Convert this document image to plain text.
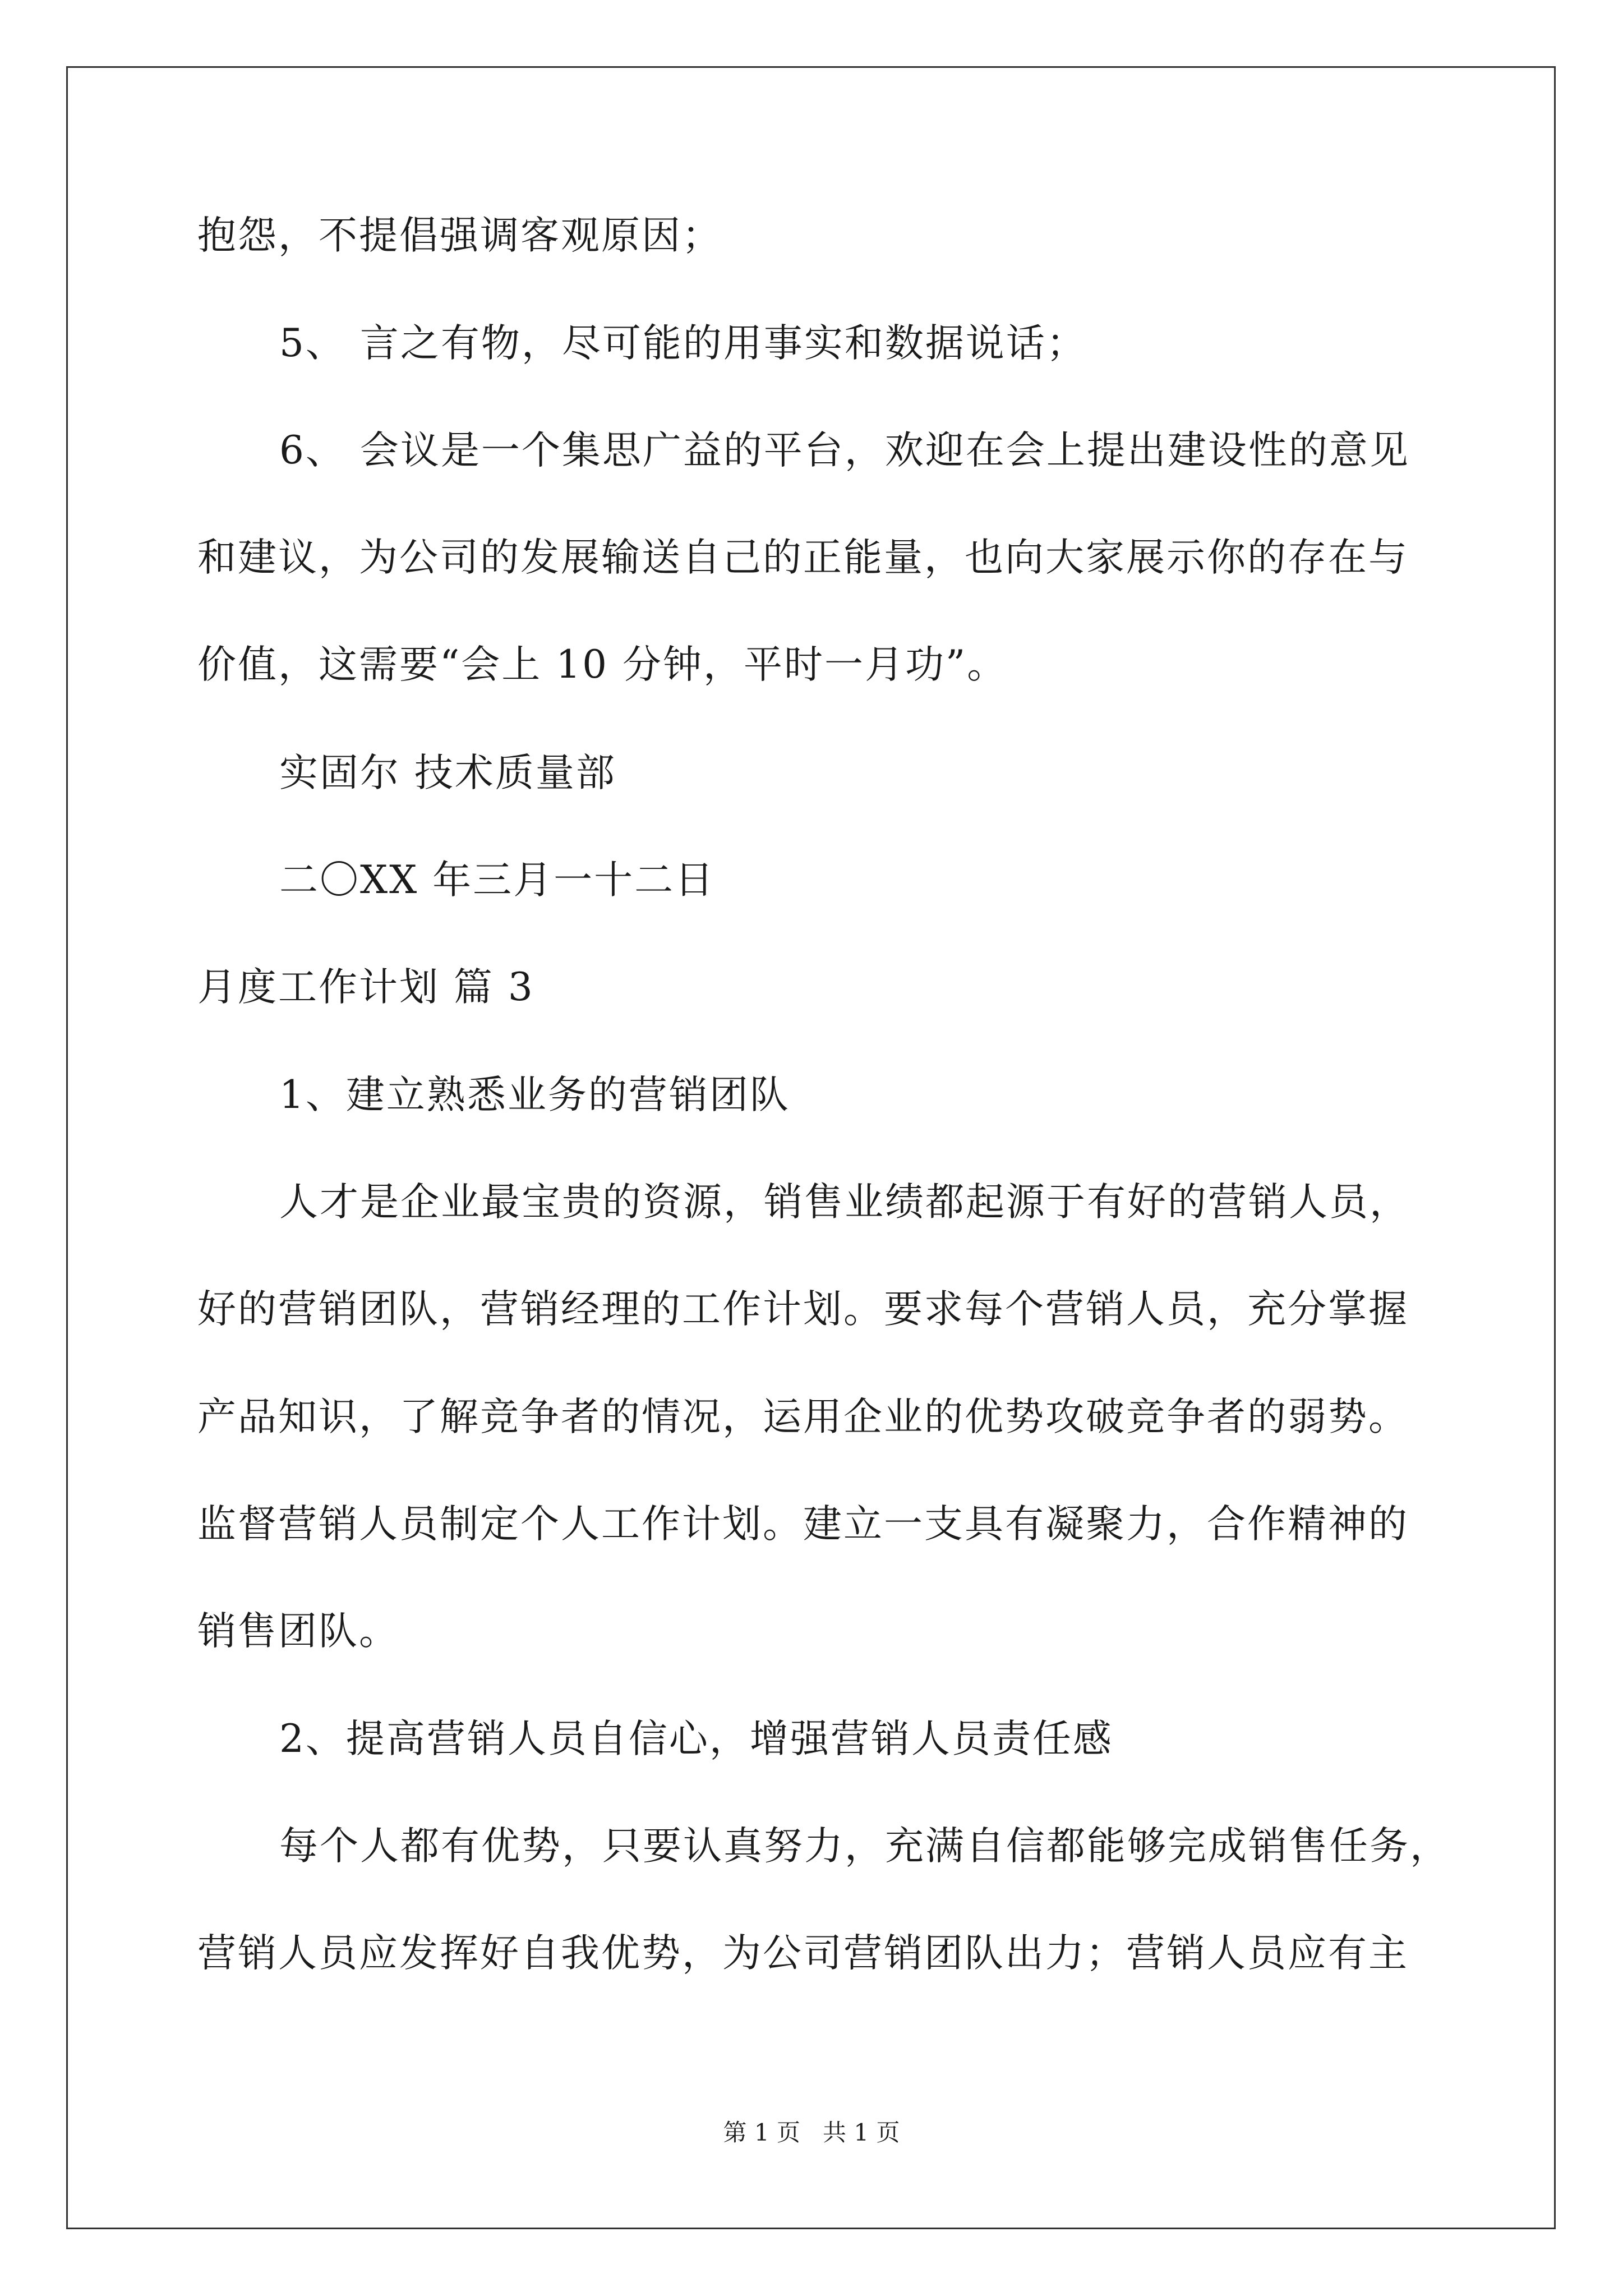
抱怨，不提倡强调客观原因；

5、 言之有物，尽可能的用事实和数据说话；

6、 会议是一个集思广益的平台，欢迎在会上提出建设性的意见

和建议，为公司的发展输送自己的正能量，也向大家展示你的存在与

价值，这需要“会上 10 分钟，平时一月功”。

实固尔 技术质量部

二〇XX 年三月一十二日

月度工作计划 篇 3

1、建立熟悉业务的营销团队

人才是企业最宝贵的资源，销售业绩都起源于有好的营销人员，

好的营销团队，营销经理的工作计划。要求每个营销人员，充分掌握

产品知识，了解竞争者的情况，运用企业的优势攻破竞争者的弱势。

监督营销人员制定个人工作计划。建立一支具有凝聚力，合作精神的

销售团队。

2、提高营销人员自信心，增强营销人员责任感

每个人都有优势，只要认真努力，充满自信都能够完成销售任务，

营销人员应发挥好自我优势，为公司营销团队出力；营销人员应有主

第 1 页   共 1 页
